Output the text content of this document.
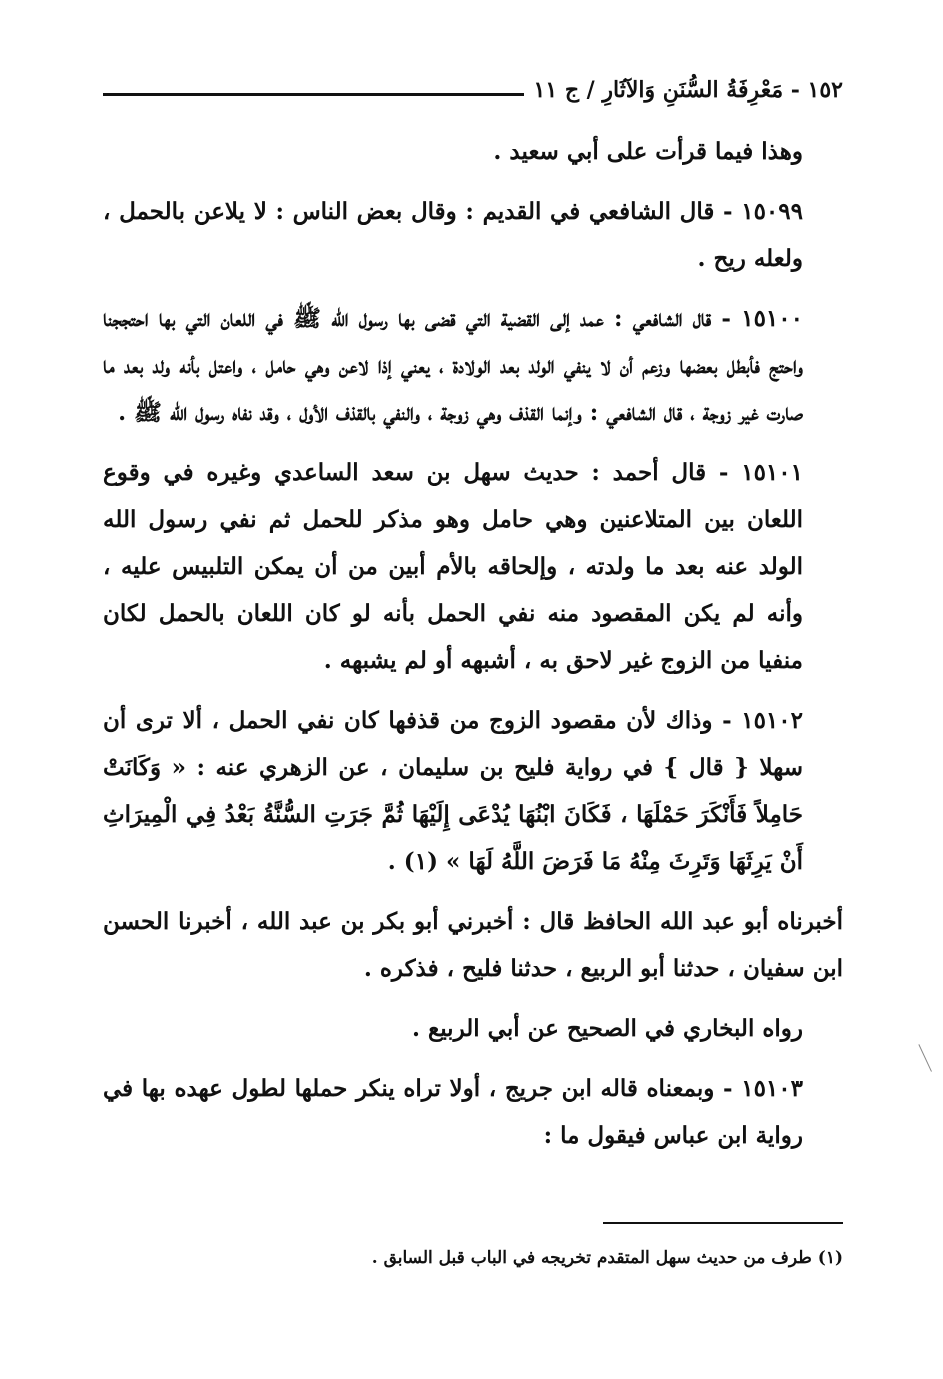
١٥٢ - مَعْرِفَةُ السُّنَنِ وَالآثَارِ / ج ١١

وهذا فيما قرأت على أبي سعيد .

١٥٠٩٩ - قال الشافعي في القديم : وقال بعض الناس : لا يلاعن بالحمل ، ولعله ريح .

١٥١٠٠ - قال الشافعي : عمد إلى القضية التي قضى بها رسول الله ﷺ في اللعان التي بها احتججنا واحتج فأبطل بعضها وزعم أن لا ينفي الولد بعد الولادة ، يعني إذا لاعن وهي حامل ، واعتل بأنه ولد بعد ما صارت غير زوجة ، قال الشافعي : وإنما القذف وهي زوجة ، والنفي بالقذف الأول ، وقد نفاه رسول الله ﷺ .

١٥١٠١ - قال أحمد : حديث سهل بن سعد الساعدي وغيره في وقوع اللعان بين المتلاعنين وهي حامل وهو مذكر للحمل ثم نفي رسول الله الولد عنه بعد ما ولدته ، وإلحاقه بالأم أبين من أن يمكن التلبيس عليه ، وأنه لم يكن المقصود منه نفي الحمل بأنه لو كان اللعان بالحمل لكان منفيا من الزوج غير لاحق به ، أشبهه أو لم يشبهه .

١٥١٠٢ - وذاك لأن مقصود الزوج من قذفها كان نفي الحمل ، ألا ترى أن سهلا { قال } في رواية فليح بن سليمان ، عن الزهري عنه : « وَكَانَتْ حَامِلاً فَأَنْكَرَ حَمْلَهَا ، فَكَانَ ابْنُهَا يُدْعَى إِلَيْهَا ثُمَّ جَرَتِ السُّنَّةُ بَعْدُ فِي الْمِيرَاثِ أَنْ يَرِثَهَا وَتَرِثَ مِنْهُ مَا فَرَضَ اللَّهُ لَهَا » (١) .

أخبرناه أبو عبد الله الحافظ قال : أخبرني أبو بكر بن عبد الله ، أخبرنا الحسن ابن سفيان ، حدثنا أبو الربيع ، حدثنا فليح ، فذكره .

رواه البخاري في الصحيح عن أبي الربيع .

١٥١٠٣ - وبمعناه قاله ابن جريج ، أولا تراه ينكر حملها لطول عهده بها في رواية ابن عباس فيقول ما :

(١) طرف من حديث سهل المتقدم تخريجه في الباب قبل السابق .
